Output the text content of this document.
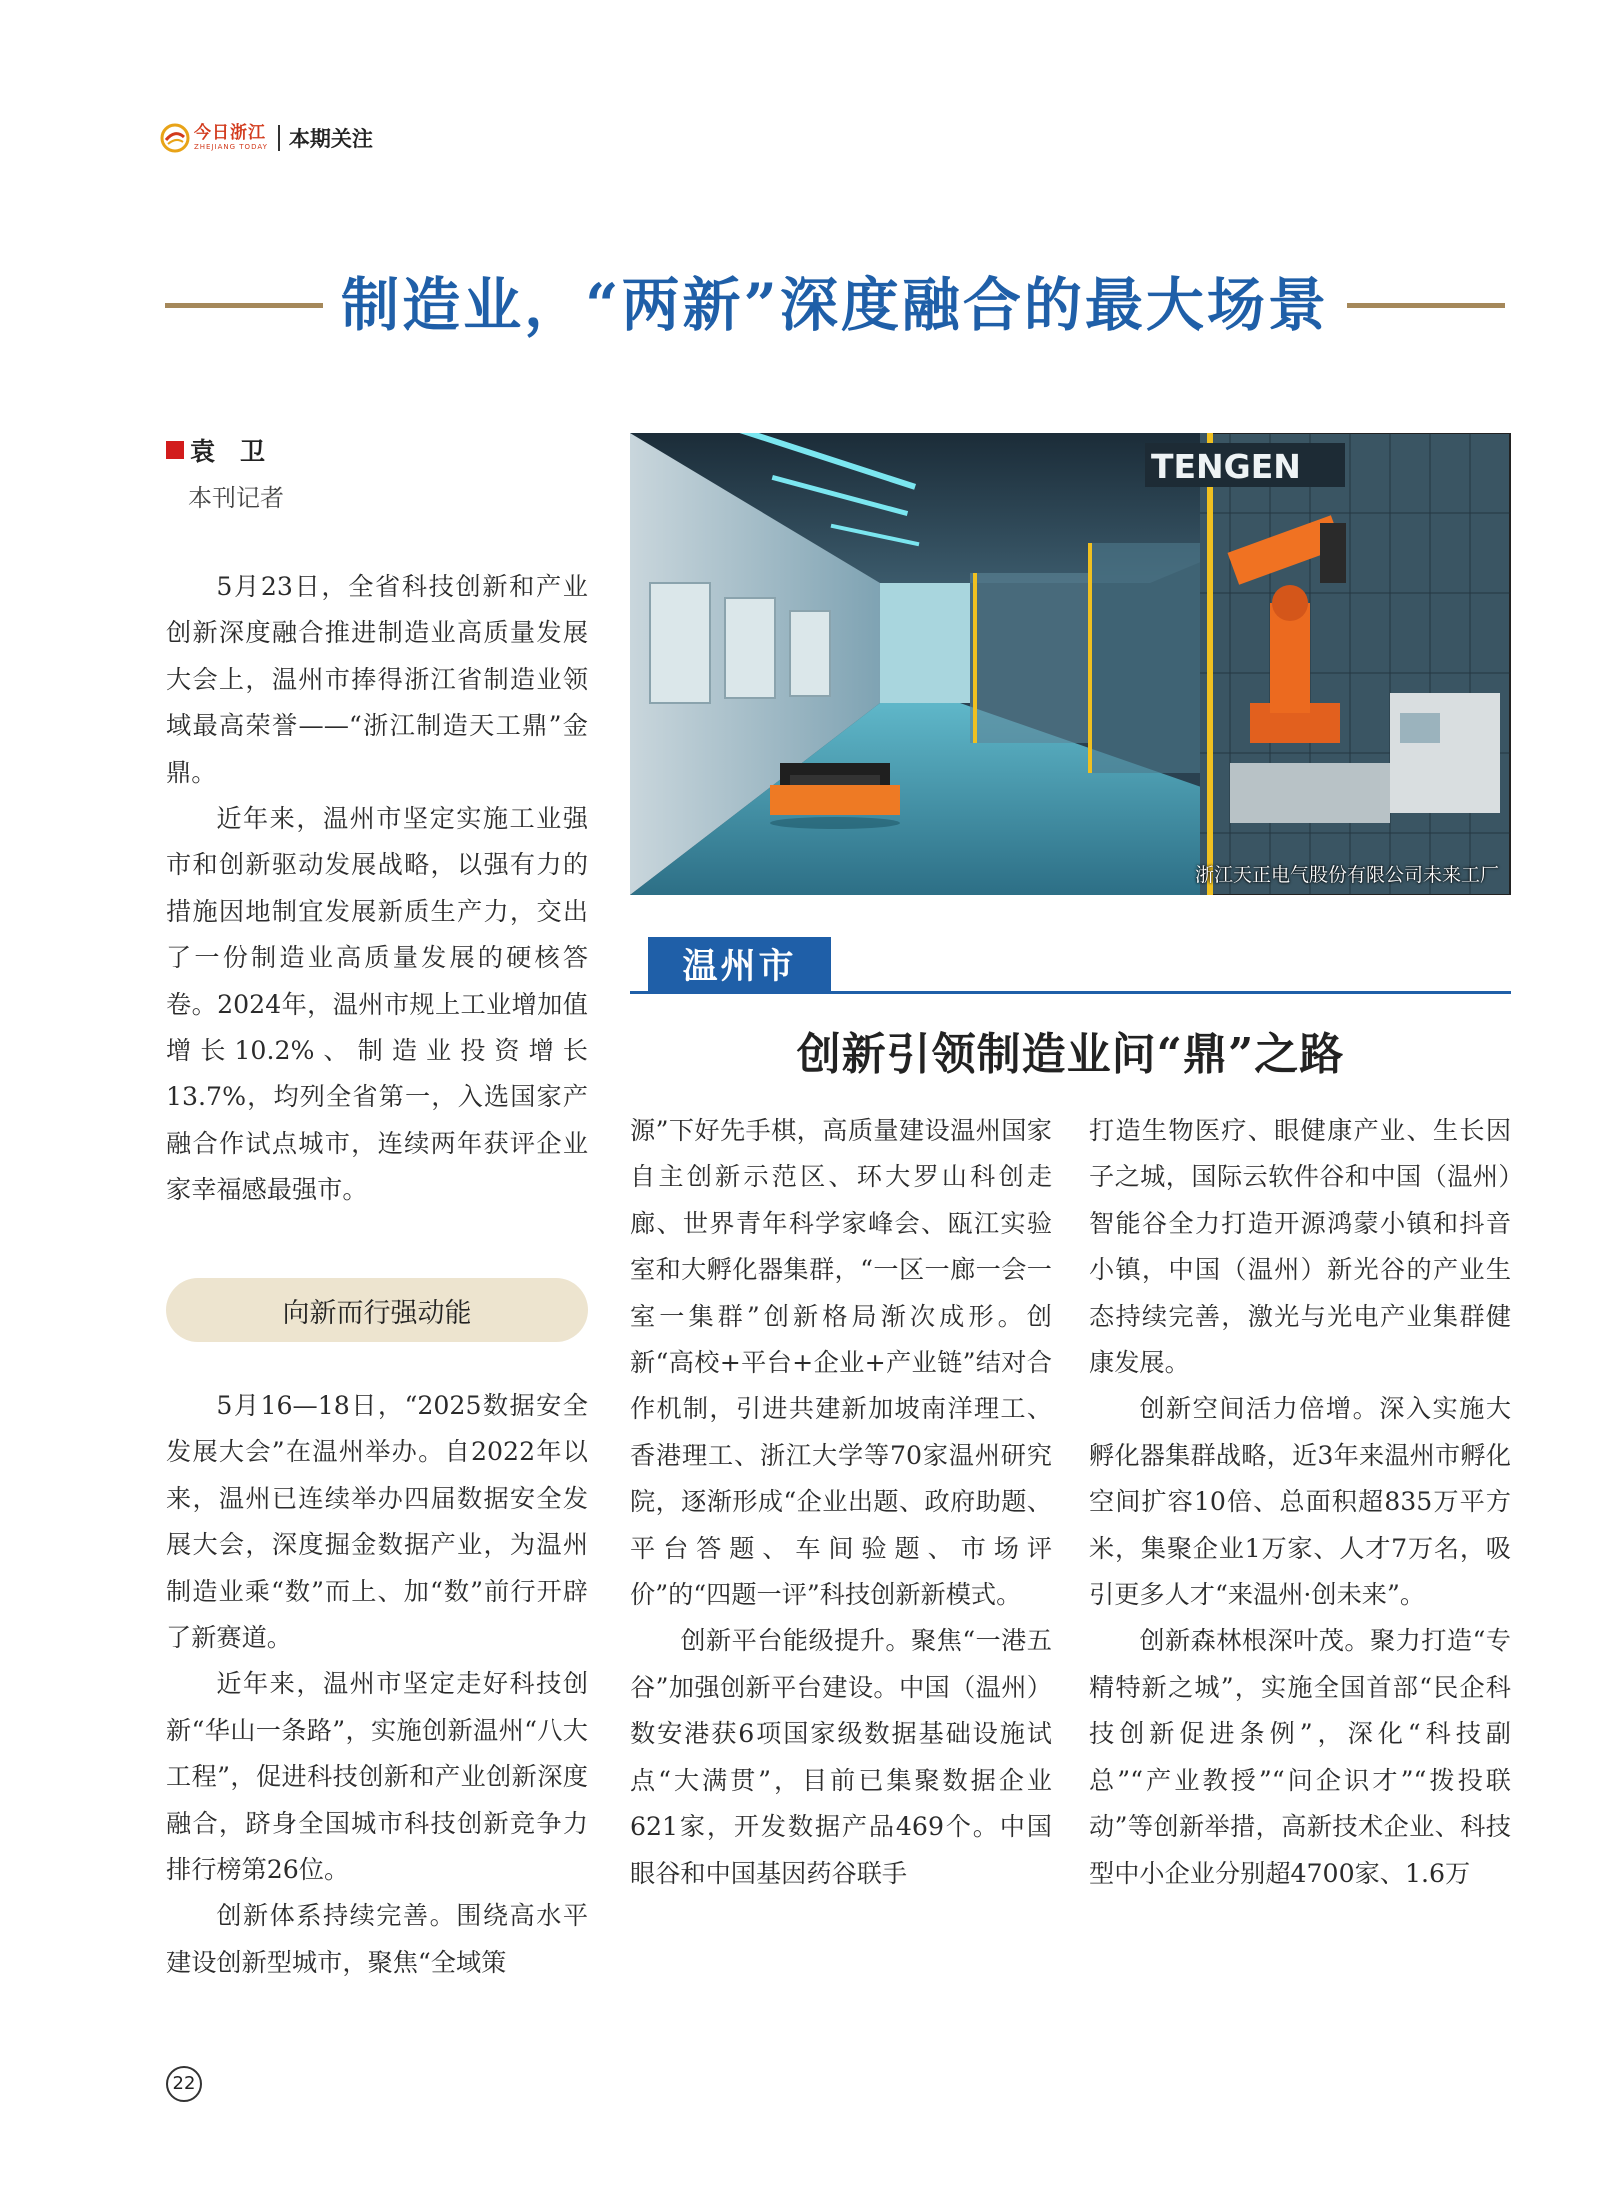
今日浙江
ZHEJIANG TODAY 本期关注
制造业，“两新”深度融合的最大场景
袁　卫
本刊记者

5月23日，全省科技创新和产业创新深度融合推进制造业高质量发展大会上，温州市捧得浙江省制造业领域最高荣誉——“浙江制造天工鼎”金鼎。

近年来，温州市坚定实施工业强市和创新驱动发展战略，以强有力的措施因地制宜发展新质生产力，交出了一份制造业高质量发展的硬核答卷。2024年，温州市规上工业增加值增长10.2%、制造业投资增长13.7%，均列全省第一，入选国家产融合作试点城市，连续两年获评企业家幸福感最强市。

向新而行强动能

5月16—18日，“2025数据安全发展大会”在温州举办。自2022年以来，温州已连续举办四届数据安全发展大会，深度掘金数据产业，为温州制造业乘“数”而上、加“数”前行开辟了新赛道。

近年来，温州市坚定走好科技创新“华山一条路”，实施创新温州“八大工程”，促进科技创新和产业创新深度融合，跻身全国城市科技创新竞争力排行榜第26位。

创新体系持续完善。围绕高水平建设创新型城市，聚焦“全域策

TENGEN
浙江天正电气股份有限公司未来工厂
温州市
创新引领制造业问“鼎”之路

源”下好先手棋，高质量建设温州国家自主创新示范区、环大罗山科创走廊、世界青年科学家峰会、瓯江实验室和大孵化器集群，“一区一廊一会一室一集群”创新格局渐次成形。创新“高校+平台+企业+产业链”结对合作机制，引进共建新加坡南洋理工、香港理工、浙江大学等70家温州研究院，逐渐形成“企业出题、政府助题、平台答题、车间验题、市场评价”的“四题一评”科技创新新模式。

创新平台能级提升。聚焦“一港五谷”加强创新平台建设。中国（温州）数安港获6项国家级数据基础设施试点“大满贯”，目前已集聚数据企业621家，开发数据产品469个。中国眼谷和中国基因药谷联手

打造生物医疗、眼健康产业、生长因子之城，国际云软件谷和中国（温州）智能谷全力打造开源鸿蒙小镇和抖音小镇，中国（温州）新光谷的产业生态持续完善，激光与光电产业集群健康发展。

创新空间活力倍增。深入实施大孵化器集群战略，近3年来温州市孵化空间扩容10倍、总面积超835万平方米，集聚企业1万家、人才7万名，吸引更多人才“来温州·创未来”。

创新森林根深叶茂。聚力打造“专精特新之城”，实施全国首部“民企科技创新促进条例”，深化“科技副总”“产业教授”“问企识才”“拨投联动”等创新举措，高新技术企业、科技型中小企业分别超4700家、1.6万

22
